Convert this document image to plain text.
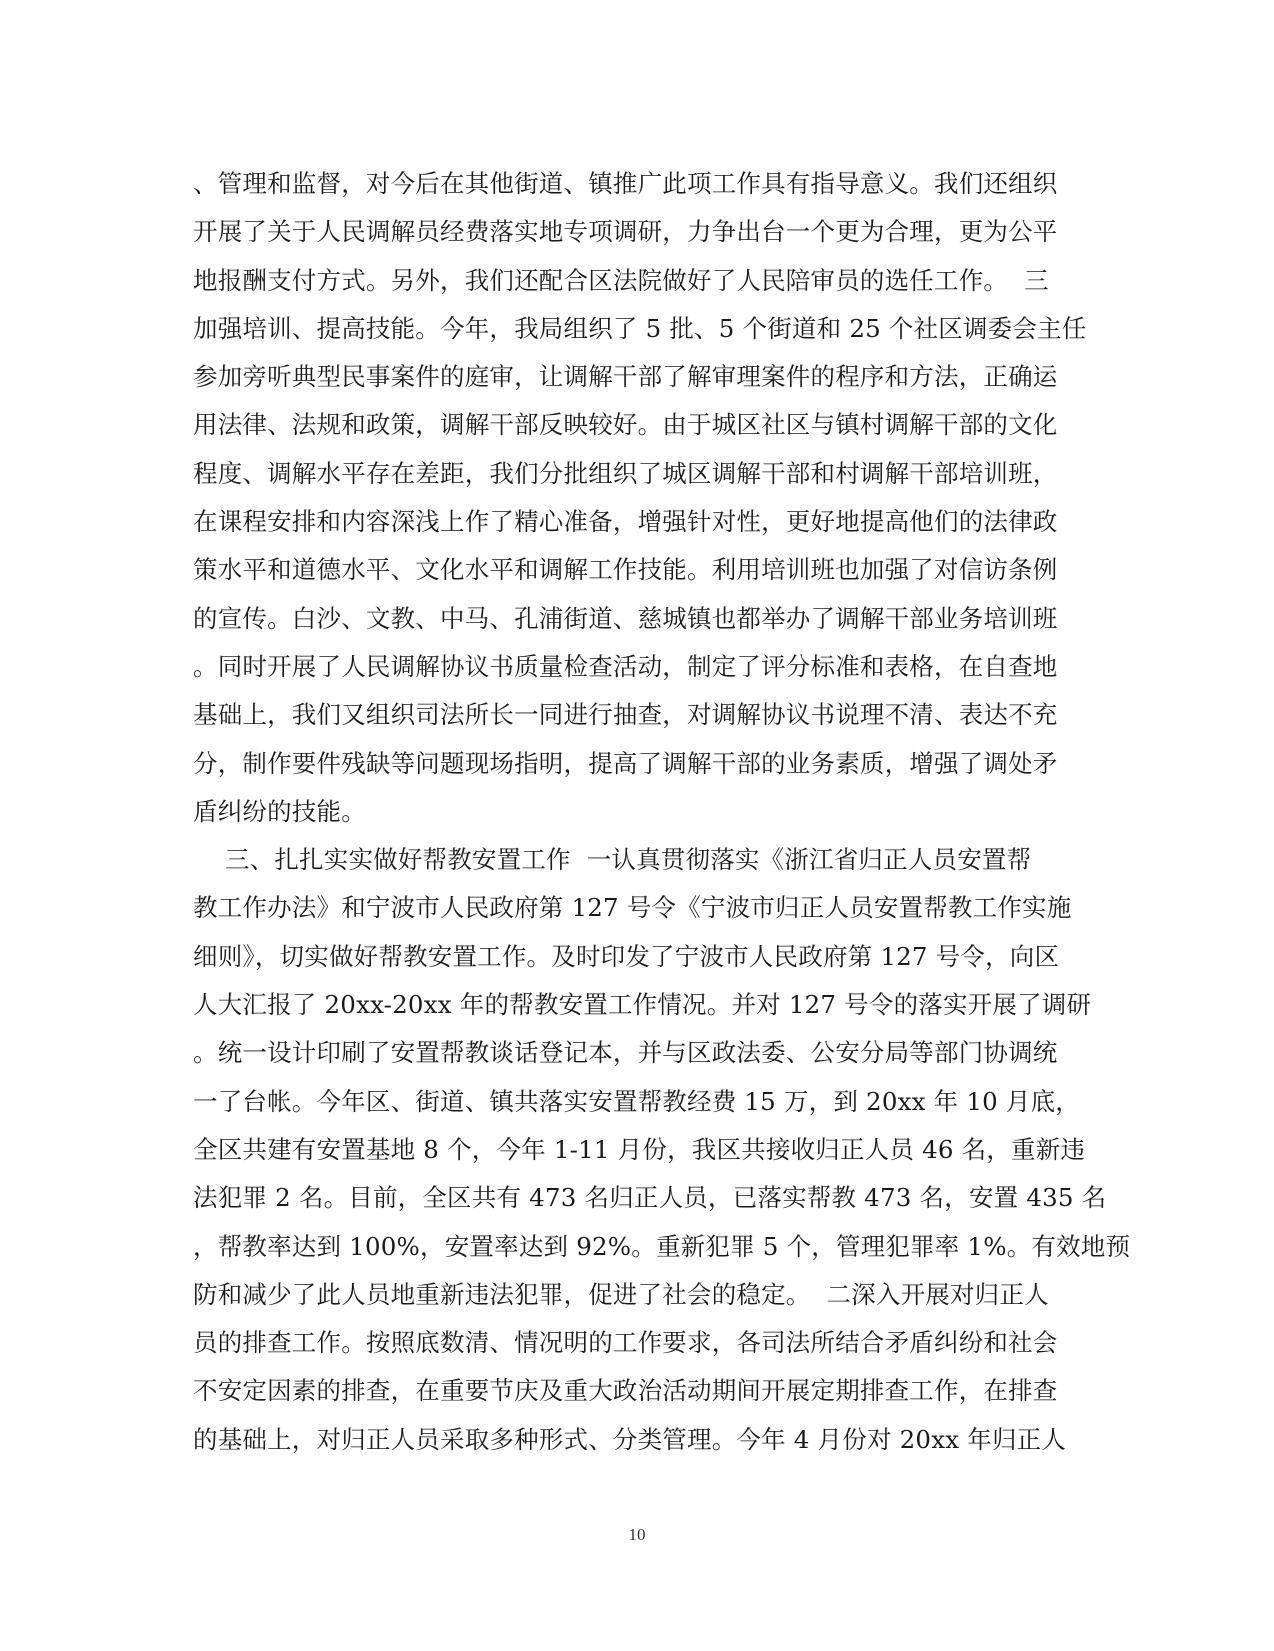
、管理和监督，对今后在其他街道、镇推广此项工作具有指导意义。我们还组织
开展了关于人民调解员经费落实地专项调研，力争出台一个更为合理，更为公平
地报酬支付方式。另外，我们还配合区法院做好了人民陪审员的选任工作。  三
加强培训、提高技能。今年，我局组织了 5 批、5 个街道和 25 个社区调委会主任
参加旁听典型民事案件的庭审，让调解干部了解审理案件的程序和方法，正确运
用法律、法规和政策，调解干部反映较好。由于城区社区与镇村调解干部的文化
程度、调解水平存在差距，我们分批组织了城区调解干部和村调解干部培训班，
在课程安排和内容深浅上作了精心准备，增强针对性，更好地提高他们的法律政
策水平和道德水平、文化水平和调解工作技能。利用培训班也加强了对信访条例
的宣传。白沙、文教、中马、孔浦街道、慈城镇也都举办了调解干部业务培训班
。同时开展了人民调解协议书质量检查活动，制定了评分标准和表格，在自查地
基础上，我们又组织司法所长一同进行抽查，对调解协议书说理不清、表达不充
分，制作要件残缺等问题现场指明，提高了调解干部的业务素质，增强了调处矛
盾纠纷的技能。
三、扎扎实实做好帮教安置工作  一认真贯彻落实《浙江省归正人员安置帮
教工作办法》和宁波市人民政府第 127 号令《宁波市归正人员安置帮教工作实施
细则》，切实做好帮教安置工作。及时印发了宁波市人民政府第 127 号令，向区
人大汇报了 20xx-20xx 年的帮教安置工作情况。并对 127 号令的落实开展了调研
。统一设计印刷了安置帮教谈话登记本，并与区政法委、公安分局等部门协调统
一了台帐。今年区、街道、镇共落实安置帮教经费 15 万，到 20xx 年 10 月底，
全区共建有安置基地 8 个，今年 1-11 月份，我区共接收归正人员 46 名，重新违
法犯罪 2 名。目前，全区共有 473 名归正人员，已落实帮教 473 名，安置 435 名
，帮教率达到 100%，安置率达到 92%。重新犯罪 5 个，管理犯罪率 1%。有效地预
防和减少了此人员地重新违法犯罪，促进了社会的稳定。  二深入开展对归正人
员的排查工作。按照底数清、情况明的工作要求，各司法所结合矛盾纠纷和社会
不安定因素的排查，在重要节庆及重大政治活动期间开展定期排查工作，在排查
的基础上，对归正人员采取多种形式、分类管理。今年 4 月份对 20xx 年归正人
10
